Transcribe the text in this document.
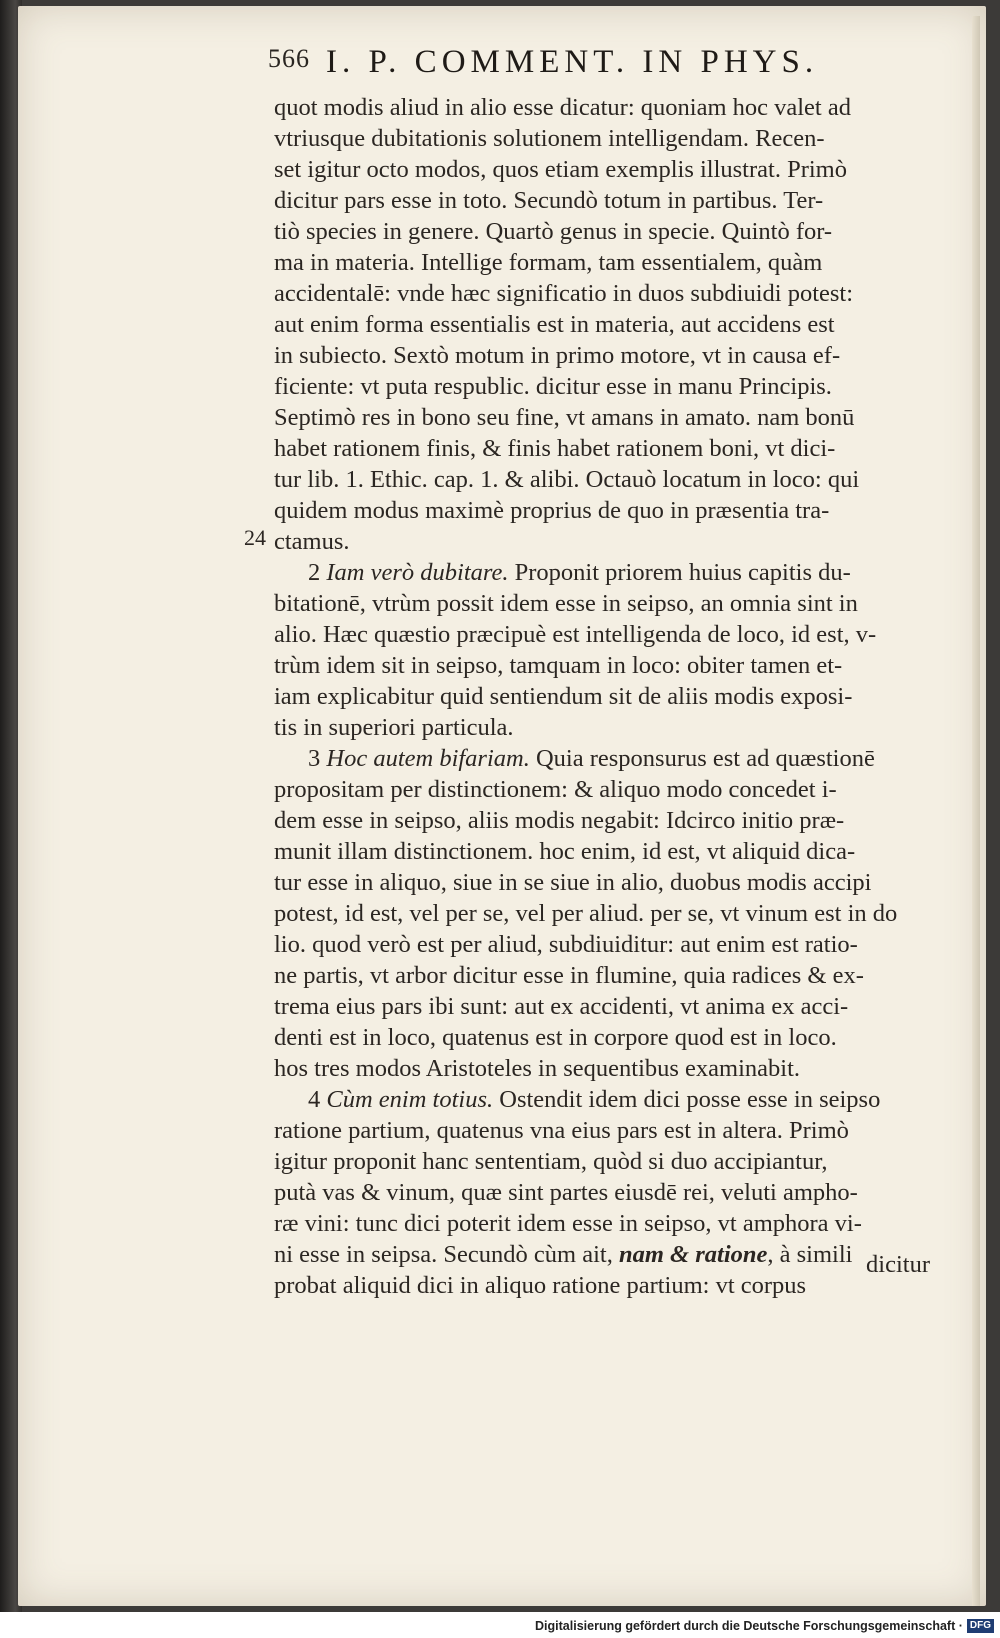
566 I. P. COMMENT. IN PHYS.
24
quot modis aliud in alio esse dicatur: quoniam hoc valet ad
vtriusque dubitationis solutionem intelligendam. Recen-
set igitur octo modos, quos etiam exemplis illustrat. Primò
dicitur pars esse in toto. Secundò totum in partibus. Ter-
tiò species in genere. Quartò genus in specie. Quintò for-
ma in materia. Intellige formam, tam essentialem, quàm
accidentalē: vnde hæc significatio in duos subdiuidi potest:
aut enim forma essentialis est in materia, aut accidens est
in subiecto. Sextò motum in primo motore, vt in causa ef-
ficiente: vt puta respublic. dicitur esse in manu Principis.
Septimò res in bono seu fine, vt amans in amato. nam bonū
habet rationem finis, & finis habet rationem boni, vt dici-
tur lib. 1. Ethic. cap. 1. & alibi. Octauò locatum in loco: qui
quidem modus maximè proprius de quo in præsentia tra-
ctamus.
2 Iam verò dubitare. Proponit priorem huius capitis du-
bitationē, vtrùm possit idem esse in seipso, an omnia sint in
alio. Hæc quæstio præcipuè est intelligenda de loco, id est, v-
trùm idem sit in seipso, tamquam in loco: obiter tamen et-
iam explicabitur quid sentiendum sit de aliis modis exposi-
tis in superiori particula.
3 Hoc autem bifariam. Quia responsurus est ad quæstionē
propositam per distinctionem: & aliquo modo concedet i-
dem esse in seipso, aliis modis negabit: Idcirco initio præ-
munit illam distinctionem. hoc enim, id est, vt aliquid dica-
tur esse in aliquo, siue in se siue in alio, duobus modis accipi
potest, id est, vel per se, vel per aliud. per se, vt vinum est in do
lio. quod verò est per aliud, subdiuiditur: aut enim est ratio-
ne partis, vt arbor dicitur esse in flumine, quia radices & ex-
trema eius pars ibi sunt: aut ex accidenti, vt anima ex acci-
denti est in loco, quatenus est in corpore quod est in loco.
hos tres modos Aristoteles in sequentibus examinabit.
4 Cùm enim totius. Ostendit idem dici posse esse in seipso
ratione partium, quatenus vna eius pars est in altera. Primò
igitur proponit hanc sententiam, quòd si duo accipiantur,
putà vas & vinum, quæ sint partes eiusdē rei, veluti ampho-
ræ vini: tunc dici poterit idem esse in seipso, vt amphora vi-
ni esse in seipsa. Secundò cùm ait, nam & ratione, à simili
probat aliquid dici in aliquo ratione partium: vt corpus
dicitur
Digitalisierung gefördert durch die Deutsche Forschungsgemeinschaft · DFG
